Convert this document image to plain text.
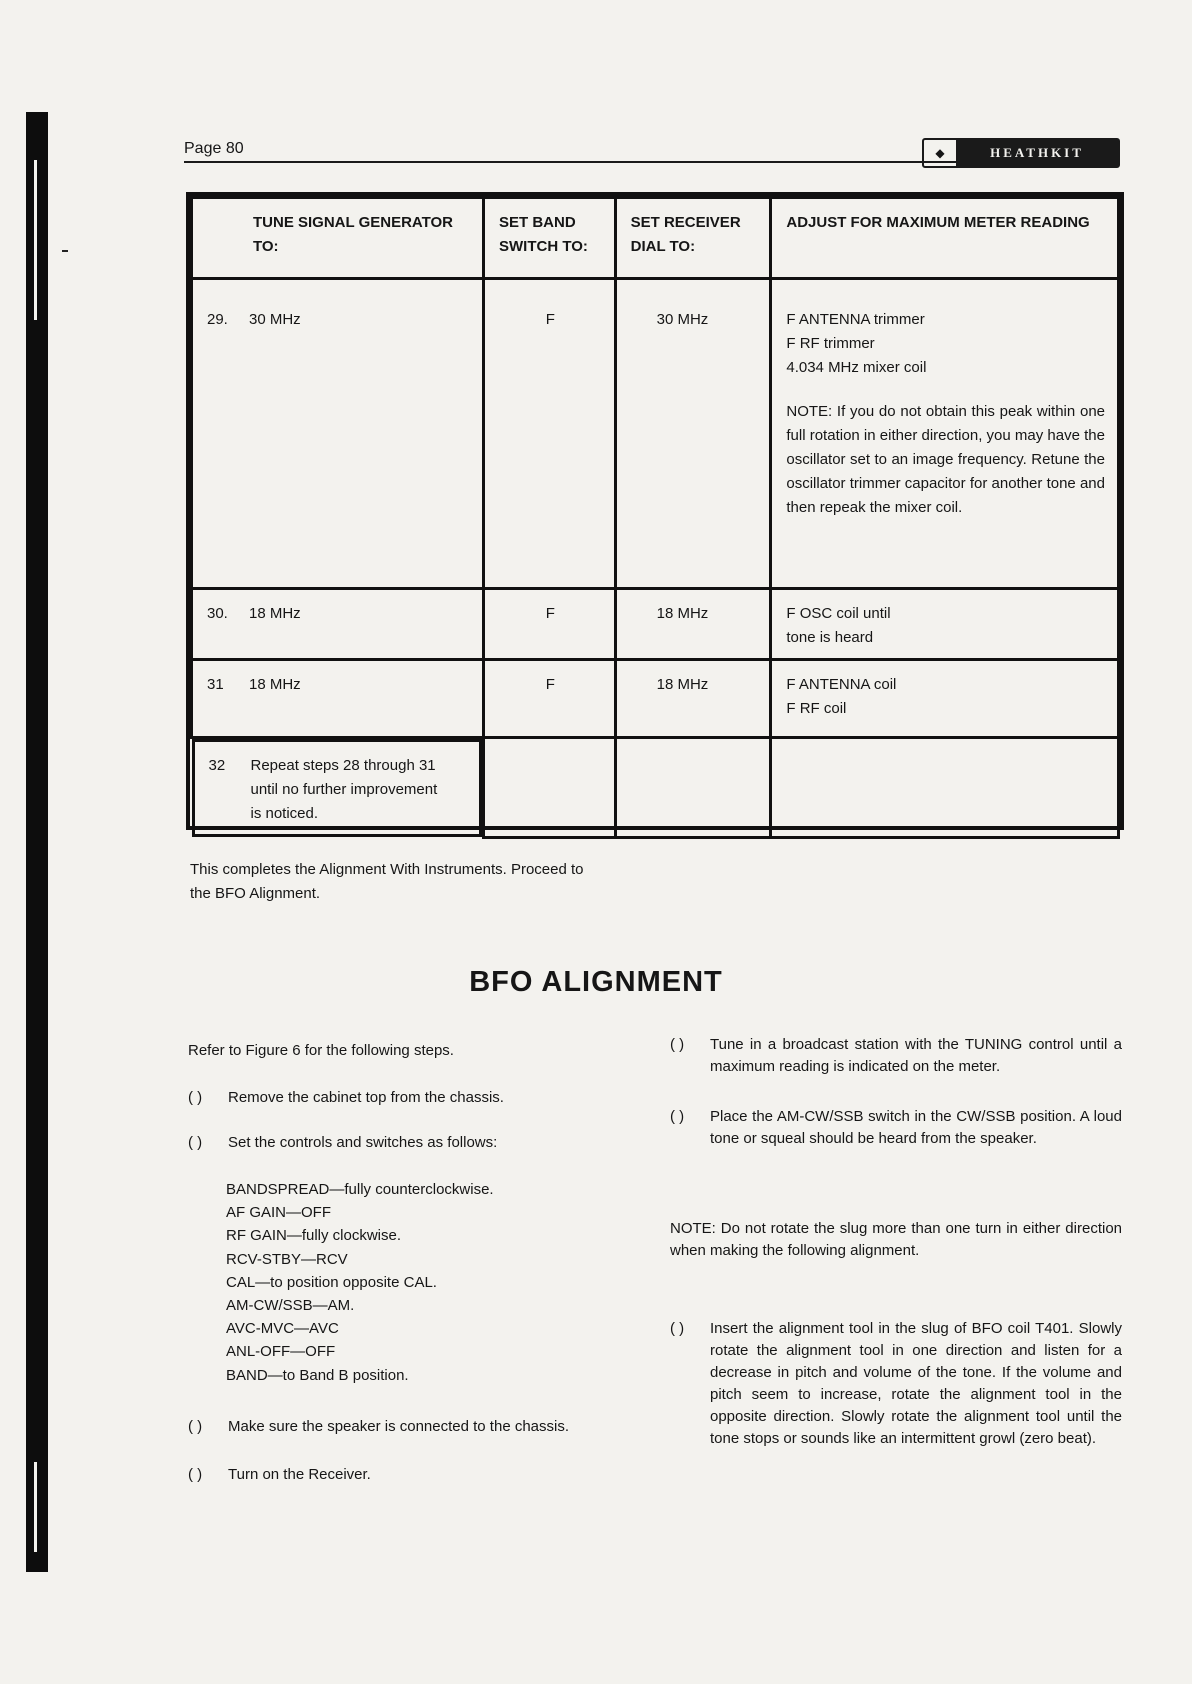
Page 80	◆	HEATHKIT
TUNE SIGNAL GENERATOR TO:	SET BAND SWITCH TO:	SET RECEIVER DIAL TO:	ADJUST FOR MAXIMUM METER READING
29. 30 MHz	F	30 MHz	F ANTENNA trimmer
F RF trimmer
4.034 MHz mixer coil
NOTE: If you do not obtain this peak within one full rotation in either direction, you may have the oscillator set to an image frequency. Retune the oscillator trimmer capacitor for another tone and then repeak the mixer coil.

30. 18 MHz	F	18 MHz	F OSC coil until
tone is heard

31 18 MHz	F	18 MHz	F ANTENNA coil
F RF coil

32	Repeat steps 28 through 31 until no further improvement is noticed.

This completes the Alignment With Instruments. Proceed to
the BFO Alignment.
BFO ALIGNMENT
Refer to Figure 6 for the following steps.
( ) Remove the cabinet top from the chassis.
( ) Set the controls and switches as follows:
BANDSPREAD—fully counterclockwise.
AF GAIN—OFF
RF GAIN—fully clockwise.
RCV-STBY—RCV
CAL—to position opposite CAL.
AM-CW/SSB—AM.
AVC-MVC—AVC
ANL-OFF—OFF
BAND—to Band B position.
( ) Make sure the speaker is connected to the chassis.
( ) Turn on the Receiver.
( )	Tune in a broadcast station with the TUNING control until a maximum reading is indicated on the meter.
( )	Place the AM-CW/SSB switch in the CW/SSB position. A loud tone or squeal should be heard from the speaker.
NOTE: Do not rotate the slug more than one turn in either direction when making the following alignment.
( )	Insert the alignment tool in the slug of BFO coil T401. Slowly rotate the alignment tool in one direction and listen for a decrease in pitch and volume of the tone. If the volume and pitch seem to increase, rotate the alignment tool in the opposite direction. Slowly rotate the alignment tool until the tone stops or sounds like an intermittent growl (zero beat).
